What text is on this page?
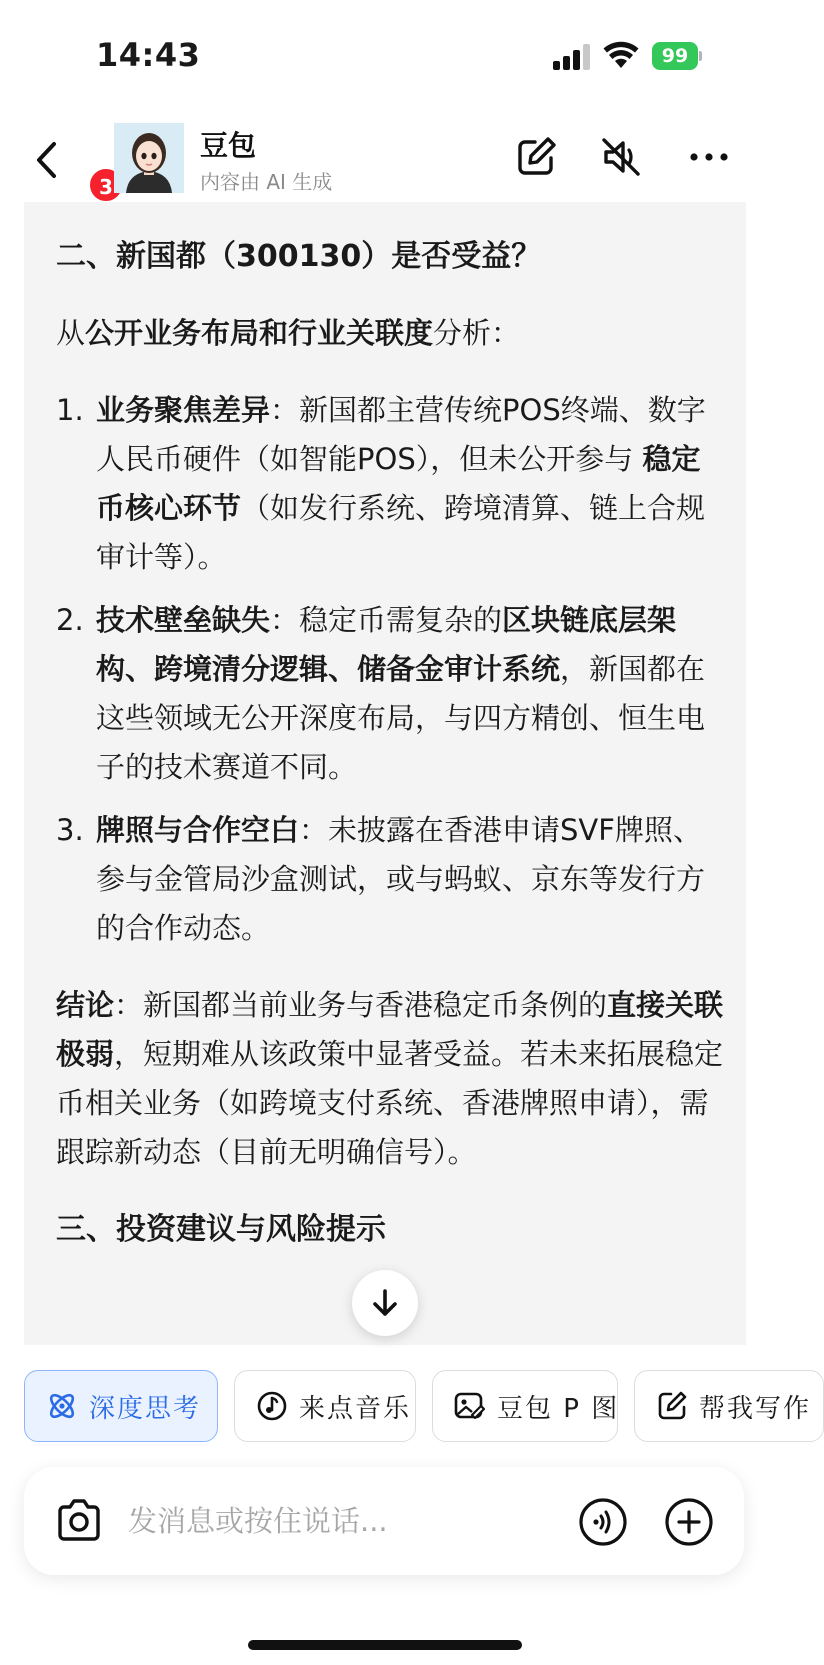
14:43	99
3
豆包
内容由 AI 生成
二、新国都（300130）是否受益？
从公开业务布局和行业关联度分析：
1. 业务聚焦差异：新国都主营传统POS终端、数字人民币硬件（如智能POS），但未公开参与 稳定币核心环节（如发行系统、跨境清算、链上合规审计等）。
2. 技术壁垒缺失：稳定币需复杂的区块链底层架构、跨境清分逻辑、储备金审计系统，新国都在这些领域无公开深度布局，与四方精创、恒生电子的技术赛道不同。
3. 牌照与合作空白：未披露在香港申请SVF牌照、参与金管局沙盒测试，或与蚂蚁、京东等发行方的合作动态。
结论：新国都当前业务与香港稳定币条例的直接关联极弱，短期难从该政策中显著受益。若未来拓展稳定币相关业务（如跨境支付系统、香港牌照申请），需跟踪新动态（目前无明确信号）。
三、投资建议与风险提示
深度思考	来点音乐	豆包 P 图	帮我写作
发消息或按住说话...
